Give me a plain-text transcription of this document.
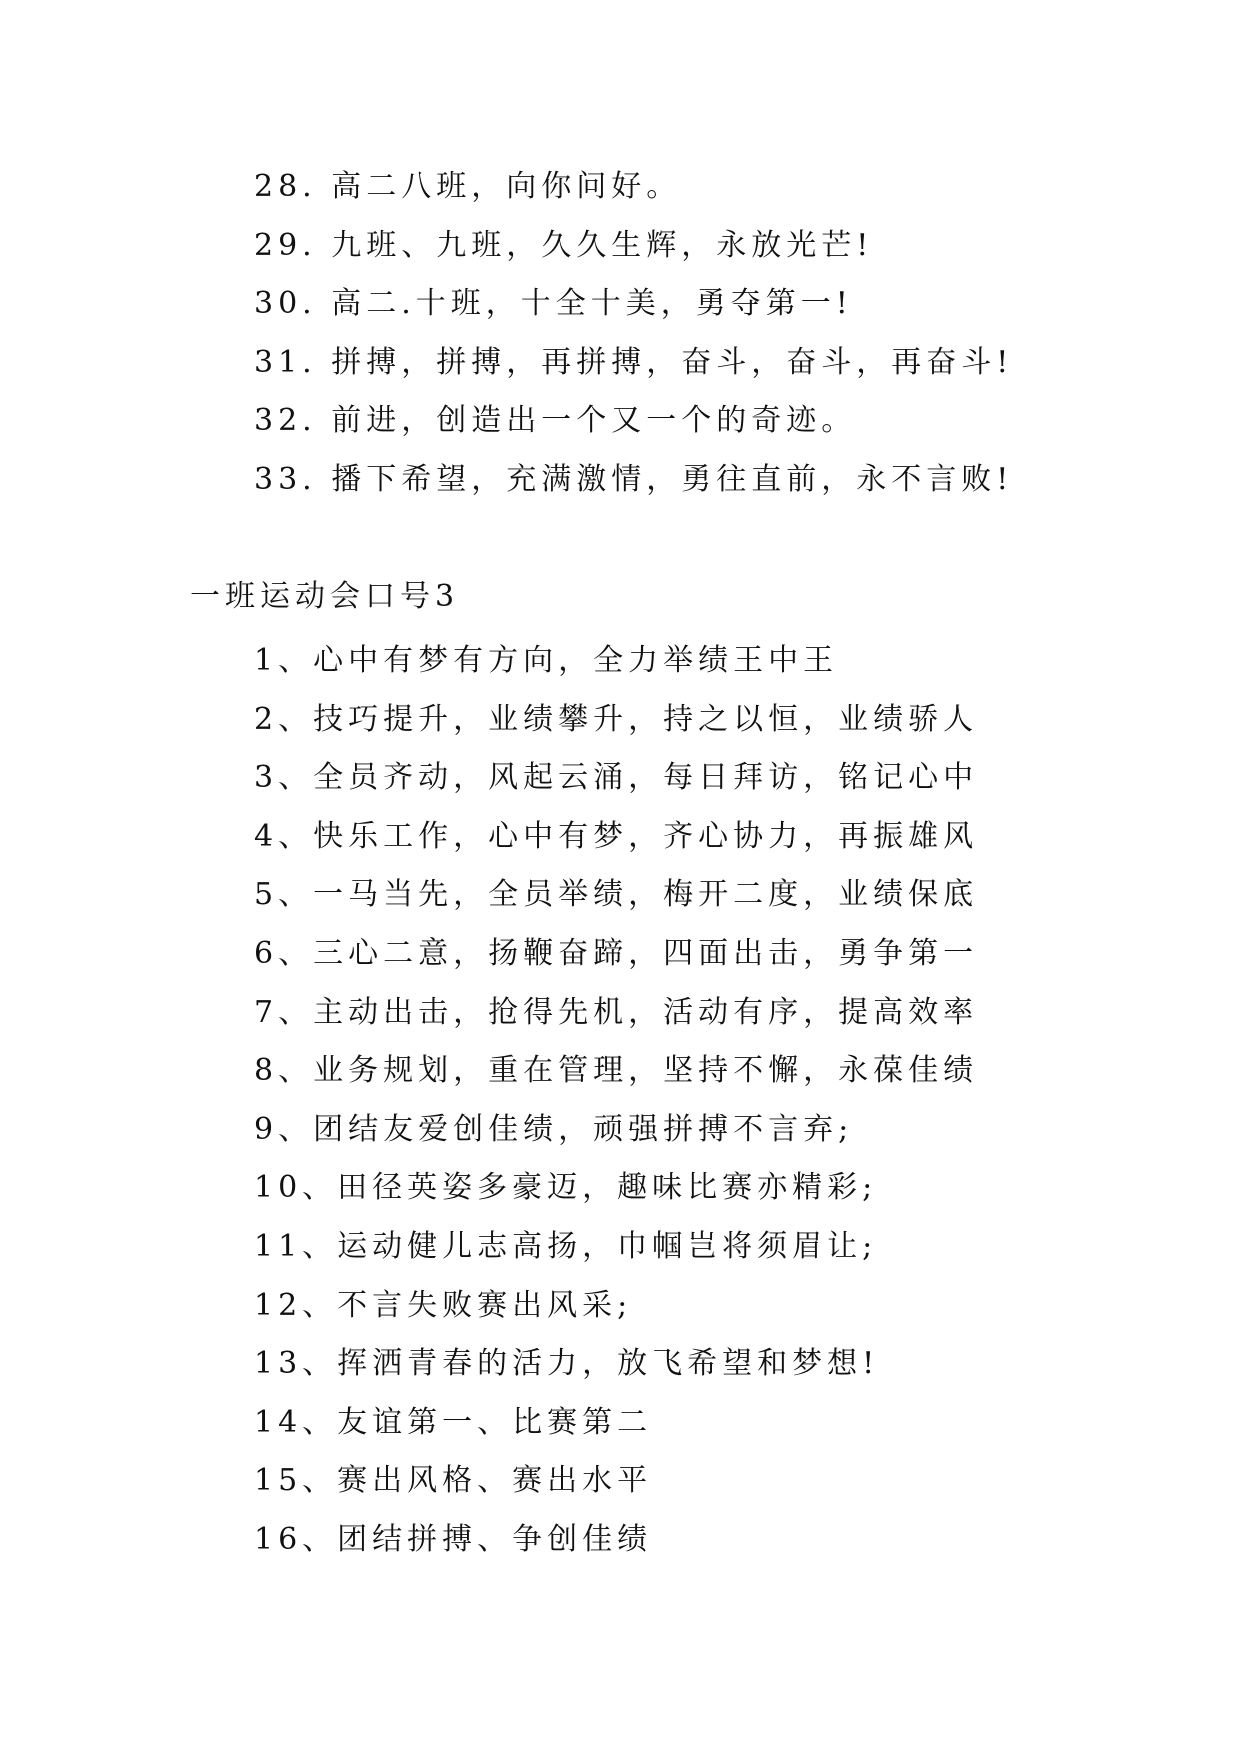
28. 高二八班，向你问好。
29. 九班、九班，久久生辉，永放光芒!
30. 高二.十班，十全十美，勇夺第一!
31. 拼搏，拼搏，再拼搏，奋斗，奋斗，再奋斗!
32. 前进，创造出一个又一个的奇迹。
33. 播下希望，充满激情，勇往直前，永不言败!
一班运动会口号3
1、心中有梦有方向，全力举绩王中王
2、技巧提升，业绩攀升，持之以恒，业绩骄人
3、全员齐动，风起云涌，每日拜访，铭记心中
4、快乐工作，心中有梦，齐心协力，再振雄风
5、一马当先，全员举绩，梅开二度，业绩保底
6、三心二意，扬鞭奋蹄，四面出击，勇争第一
7、主动出击，抢得先机，活动有序，提高效率
8、业务规划，重在管理，坚持不懈，永葆佳绩
9、团结友爱创佳绩，顽强拼搏不言弃;
10、田径英姿多豪迈，趣味比赛亦精彩;
11、运动健儿志高扬，巾帼岂将须眉让;
12、不言失败赛出风采;
13、挥洒青春的活力，放飞希望和梦想!
14、友谊第一、比赛第二
15、赛出风格、赛出水平
16、团结拼搏、争创佳绩
